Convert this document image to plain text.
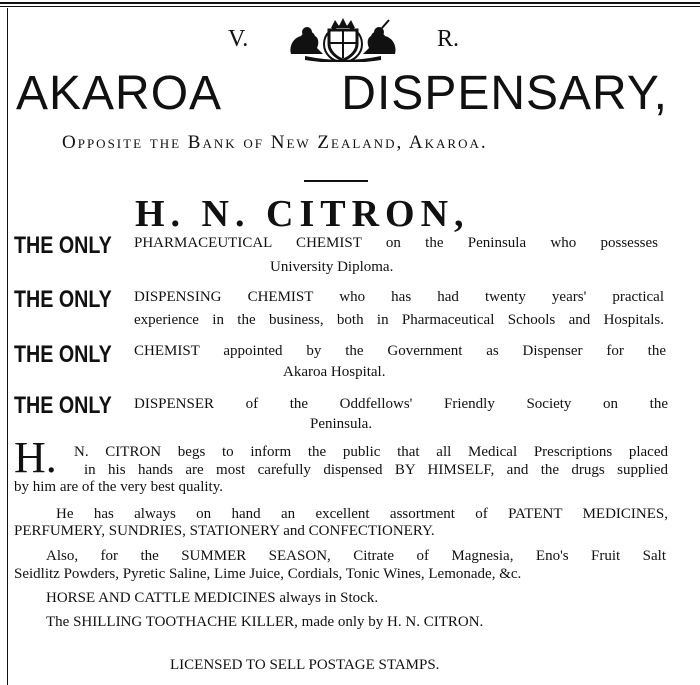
V.	R.
AKAROA DISPENSARY,
Opposite the Bank of New Zealand, Akaroa.
H. N. CITRON,
THE ONLY PHARMACEUTICAL CHEMIST on the Peninsula who possesses
University Diploma.
THE ONLY DISPENSING CHEMIST who has had twenty years' practical
experience in the business, both in Pharmaceutical Schools and Hospitals.
THE ONLY CHEMIST appointed by the Government as Dispenser for the
Akaroa Hospital.
THE ONLY DISPENSER of the Oddfellows' Friendly Society on the
Peninsula.
H. N. CITRON begs to inform the public that all Medical Prescriptions placed
in his hands are most carefully dispensed BY HIMSELF, and the drugs supplied
by him are of the very best quality.
He has always on hand an excellent assortment of PATENT MEDICINES,
PERFUMERY, SUNDRIES, STATIONERY and CONFECTIONERY.
Also, for the SUMMER SEASON, Citrate of Magnesia, Eno's Fruit Salt
Seidlitz Powders, Pyretic Saline, Lime Juice, Cordials, Tonic Wines, Lemonade, &c.
HORSE AND CATTLE MEDICINES always in Stock.
The SHILLING TOOTHACHE KILLER, made only by H. N. CITRON.
LICENSED TO SELL POSTAGE STAMPS.
